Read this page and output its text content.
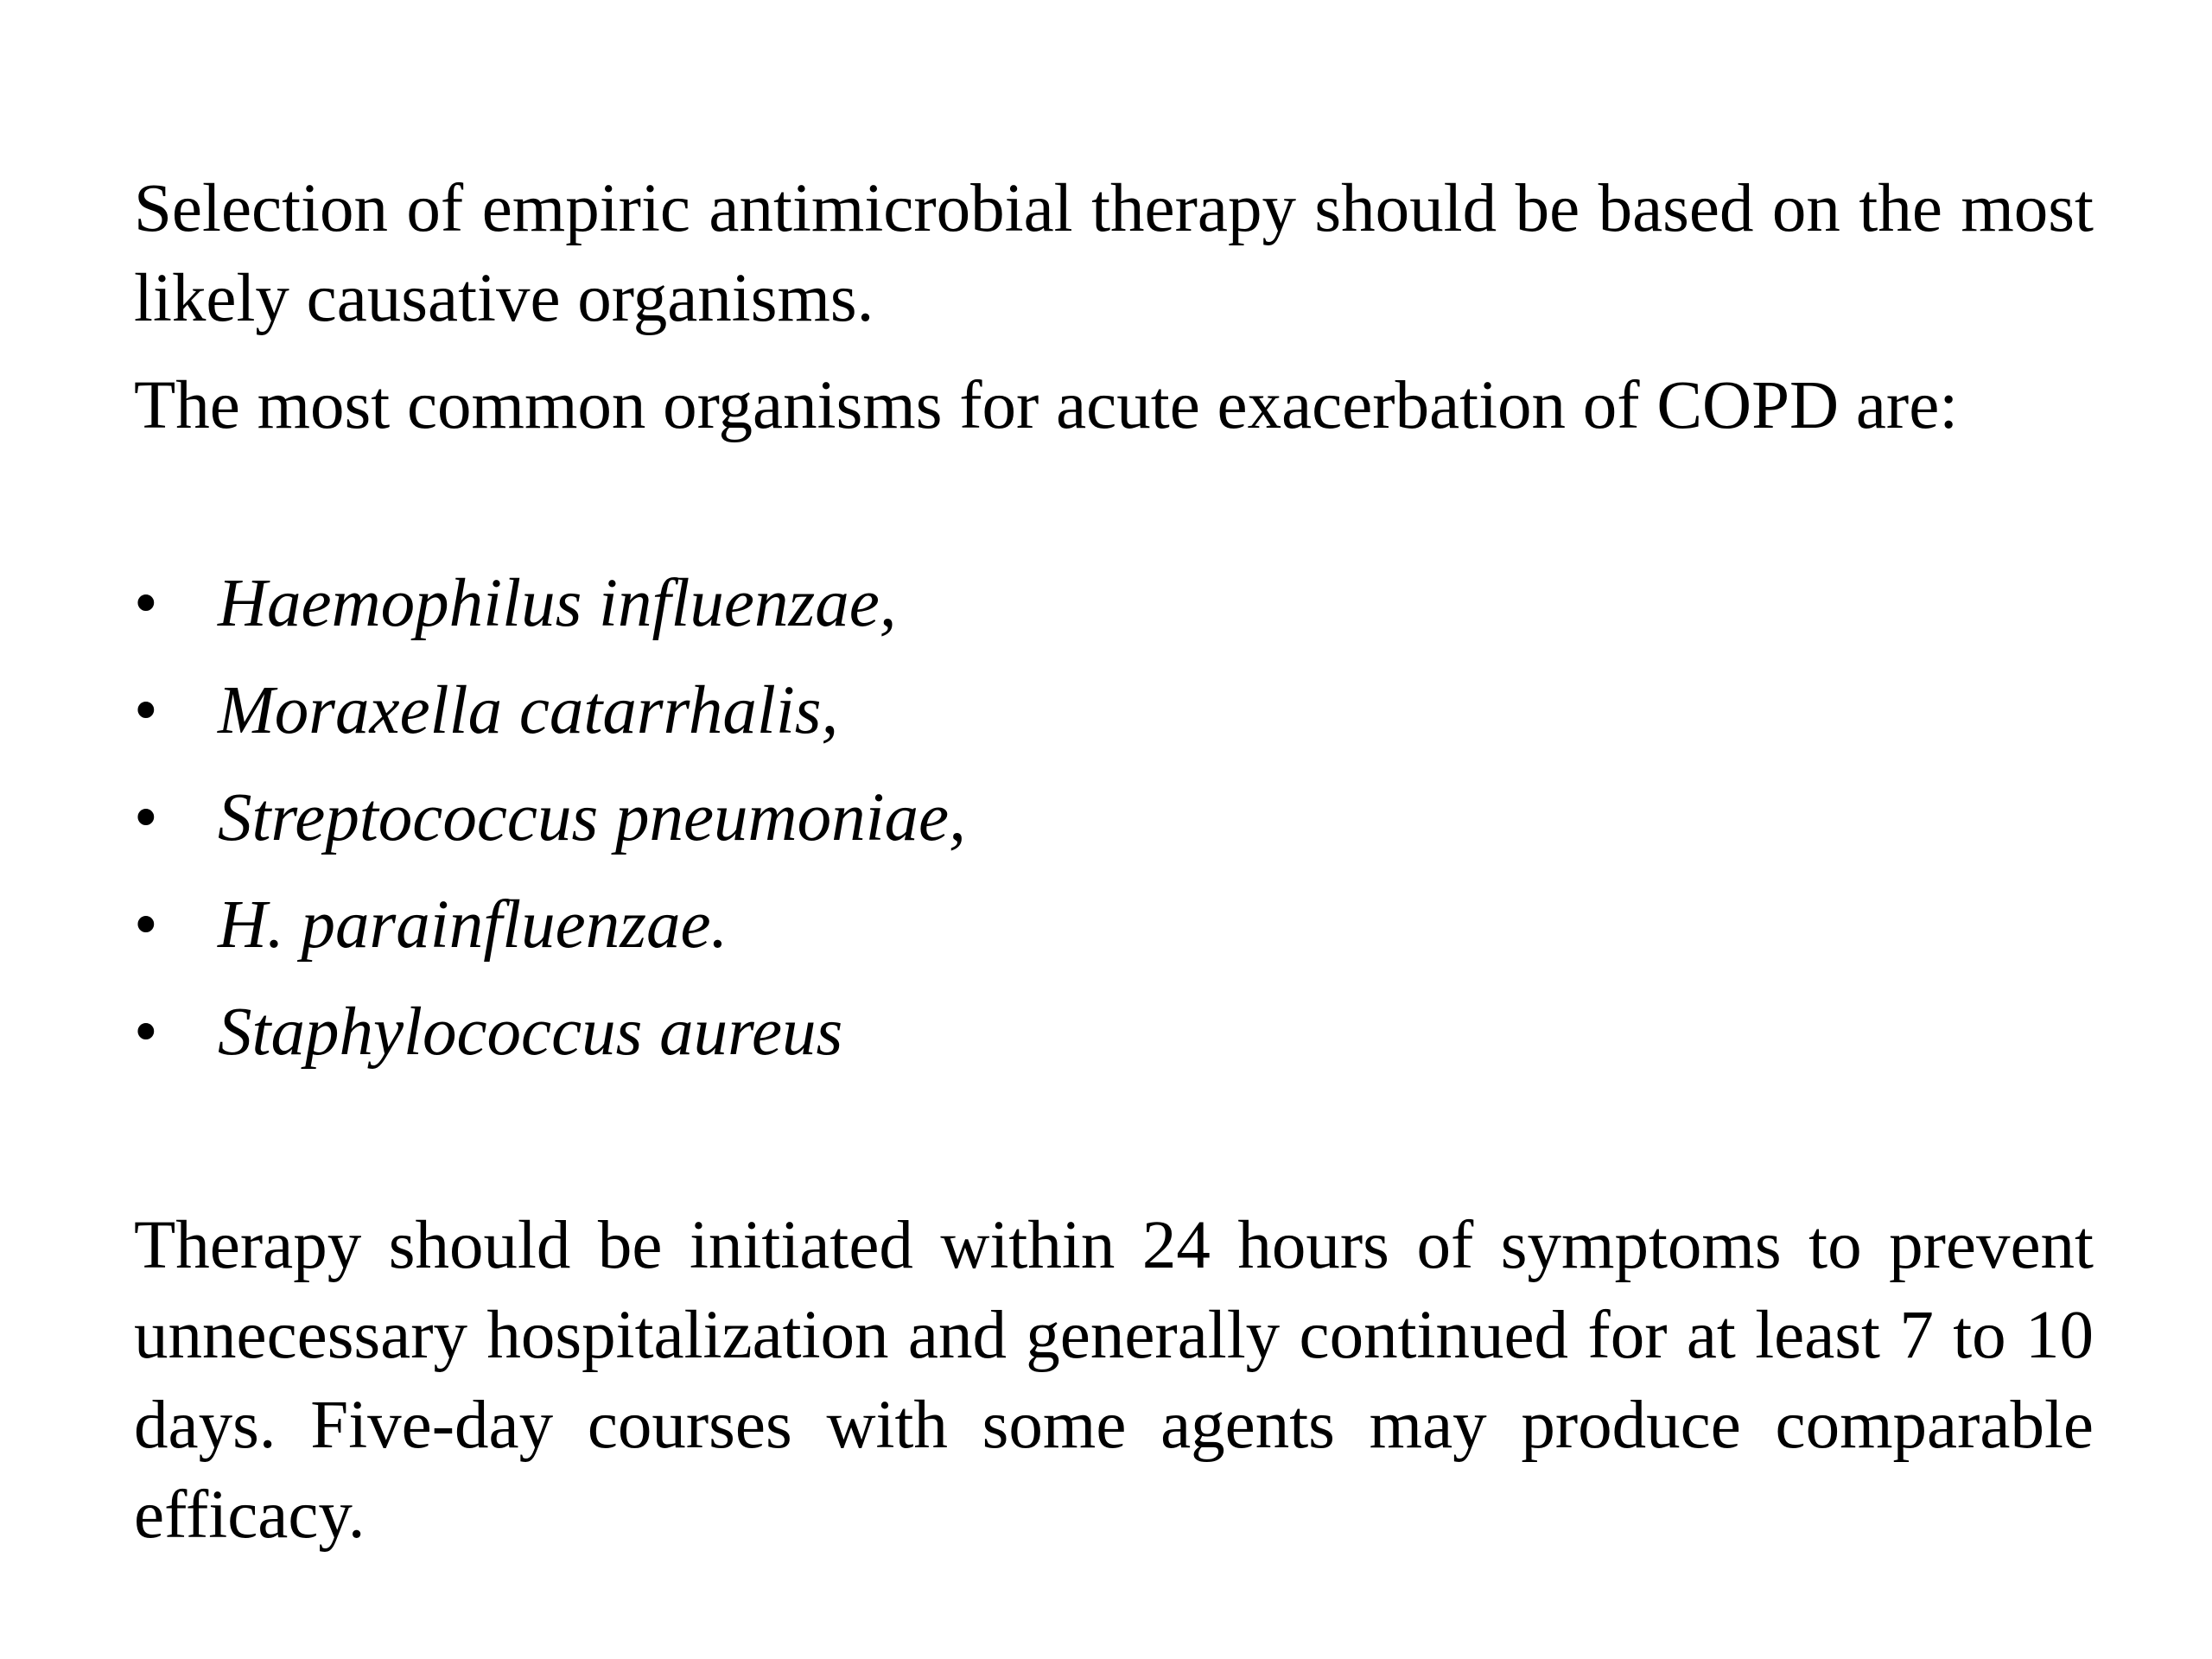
Selection of empiric antimicrobial therapy should be based on the most likely causative organisms.

The most common organisms for acute exacerbation of COPD are:

• Haemophilus influenzae,
• Moraxella catarrhalis,
• Streptococcus pneumoniae,
• H. parainfluenzae.
• Staphylococcus aureus

Therapy should be initiated within 24 hours of symptoms to prevent unnecessary hospitalization and generally continued for at least 7 to 10 days. Five-day courses with some agents may produce comparable efficacy.
